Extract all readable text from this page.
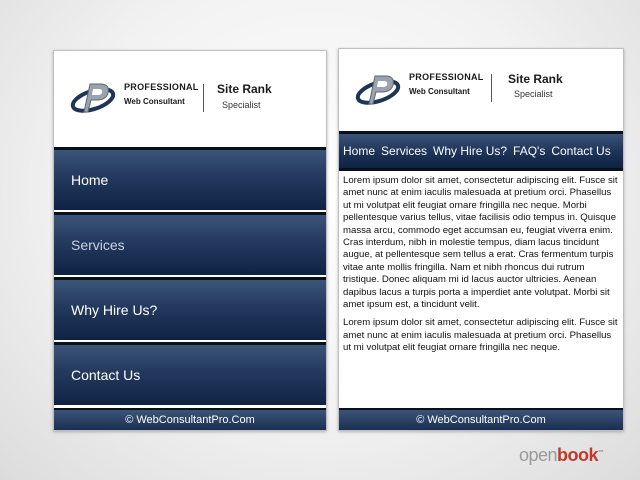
PROFESSIONAL
Web Consultant
Site Rank
Specialist
Home
Services
Why Hire Us?
Contact Us
© WebConsultantPro.Com
PROFESSIONAL
Web Consultant
Site Rank
Specialist
Home Services Why Hire Us? FAQ's Contact Us

Lorem ipsum dolor sit amet, consectetur adipiscing elit. Fusce sit amet nunc at enim iaculis malesuada at pretium orci. Phasellus ut mi volutpat elit feugiat ornare fringilla nec neque. Morbi pellentesque varius tellus, vitae facilisis odio tempus in. Quisque massa arcu, commodo eget accumsan eu, feugiat viverra enim. Cras interdum, nibh in molestie tempus, diam lacus tincidunt augue, at pellentesque sem tellus a erat. Cras fermentum turpis vitae ante mollis fringilla. Nam et nibh rhoncus dui rutrum tristique. Donec aliquam mi id lacus auctor ultricies. Aenean dapibus lacus a turpis porta a imperdiet ante volutpat. Morbi sit amet ipsum est, a tincidunt velit.

Lorem ipsum dolor sit amet, consectetur adipiscing elit. Fusce sit amet nunc at enim iaculis malesuada at pretium orci. Phasellus ut mi volutpat elit feugiat ornare fringilla nec neque.

© WebConsultantPro.Com
openbook™
